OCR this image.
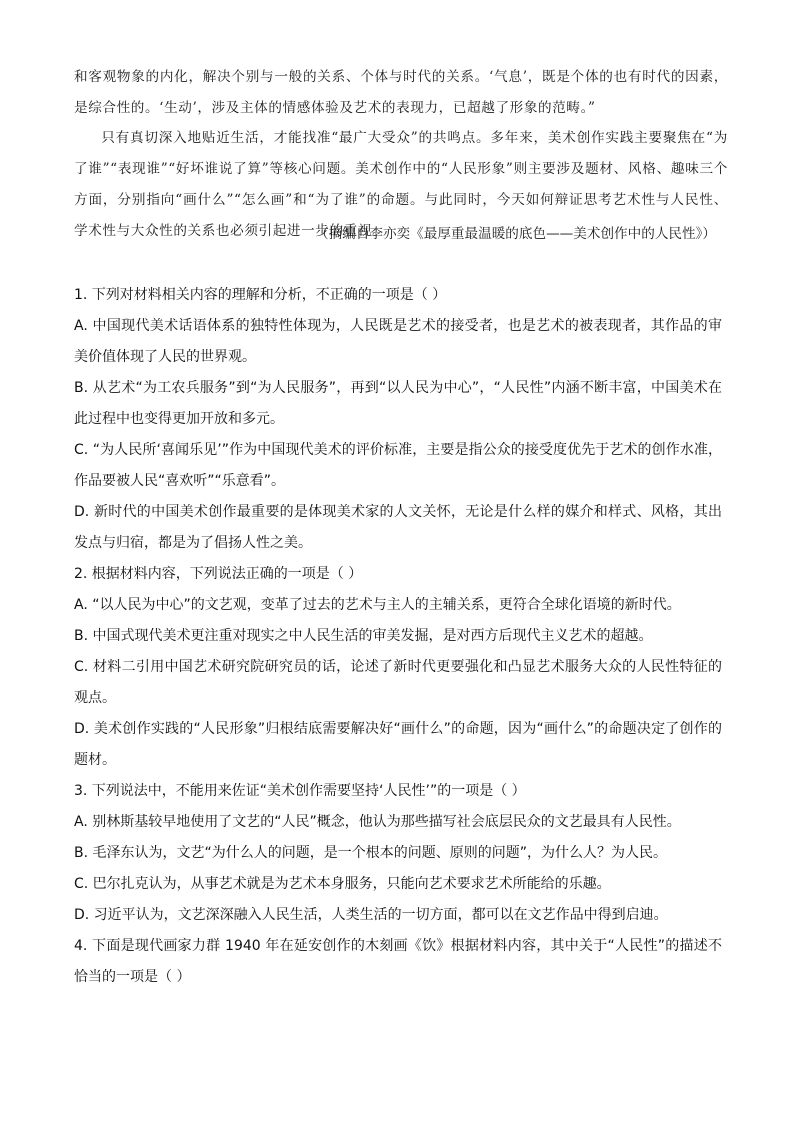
和客观物象的内化，解决个别与一般的关系、个体与时代的关系。‘气息’，既是个体的也有时代的因素，是综合性的。‘生动’，涉及主体的情感体验及艺术的表现力，已超越了形象的范畴。”

只有真切深入地贴近生活，才能找准“最广大受众”的共鸣点。多年来，美术创作实践主要聚焦在“为了谁”“表现谁”“好坏谁说了算”等核心问题。美术创作中的“人民形象”则主要涉及题材、风格、趣味三个方面，分别指向“画什么”“怎么画”和“为了谁”的命题。与此同时，今天如何辩证思考艺术性与人民性、学术性与大众性的关系也必须引起进一步的重视。

（摘编自李亦奕《最厚重最温暖的底色——美术创作中的人民性》）

1. 下列对材料相关内容的理解和分析，不正确的一项是（ ）

A. 中国现代美术话语体系的独特性体现为，人民既是艺术的接受者，也是艺术的被表现者，其作品的审美价值体现了人民的世界观。

B. 从艺术“为工农兵服务”到“为人民服务”，再到“以人民为中心”，“人民性”内涵不断丰富，中国美术在此过程中也变得更加开放和多元。

C. “为人民所‘喜闻乐见’”作为中国现代美术的评价标准，主要是指公众的接受度优先于艺术的创作水准，作品要被人民“喜欢听”“乐意看”。

D. 新时代的中国美术创作最重要的是体现美术家的人文关怀，无论是什么样的媒介和样式、风格，其出发点与归宿，都是为了倡扬人性之美。

2. 根据材料内容，下列说法正确的一项是（ ）

A. “以人民为中心”的文艺观，变革了过去的艺术与主人的主辅关系，更符合全球化语境的新时代。

B. 中国式现代美术更注重对现实之中人民生活的审美发掘，是对西方后现代主义艺术的超越。

C. 材料二引用中国艺术研究院研究员的话，论述了新时代更要强化和凸显艺术服务大众的人民性特征的观点。

D. 美术创作实践的“人民形象”归根结底需要解决好“画什么”的命题，因为“画什么”的命题决定了创作的题材。

3. 下列说法中，不能用来佐证“美术创作需要坚持‘人民性’”的一项是（ ）

A. 别林斯基较早地使用了文艺的“人民”概念，他认为那些描写社会底层民众的文艺最具有人民性。

B. 毛泽东认为，文艺“为什么人的问题，是一个根本的问题、原则的问题”，为什么人？为人民。

C. 巴尔扎克认为，从事艺术就是为艺术本身服务，只能向艺术要求艺术所能给的乐趣。

D. 习近平认为，文艺深深融入人民生活，人类生活的一切方面，都可以在文艺作品中得到启迪。

4. 下面是现代画家力群 1940 年在延安创作的木刻画《饮》根据材料内容，其中关于“人民性”的描述不恰当的一项是（ ）
